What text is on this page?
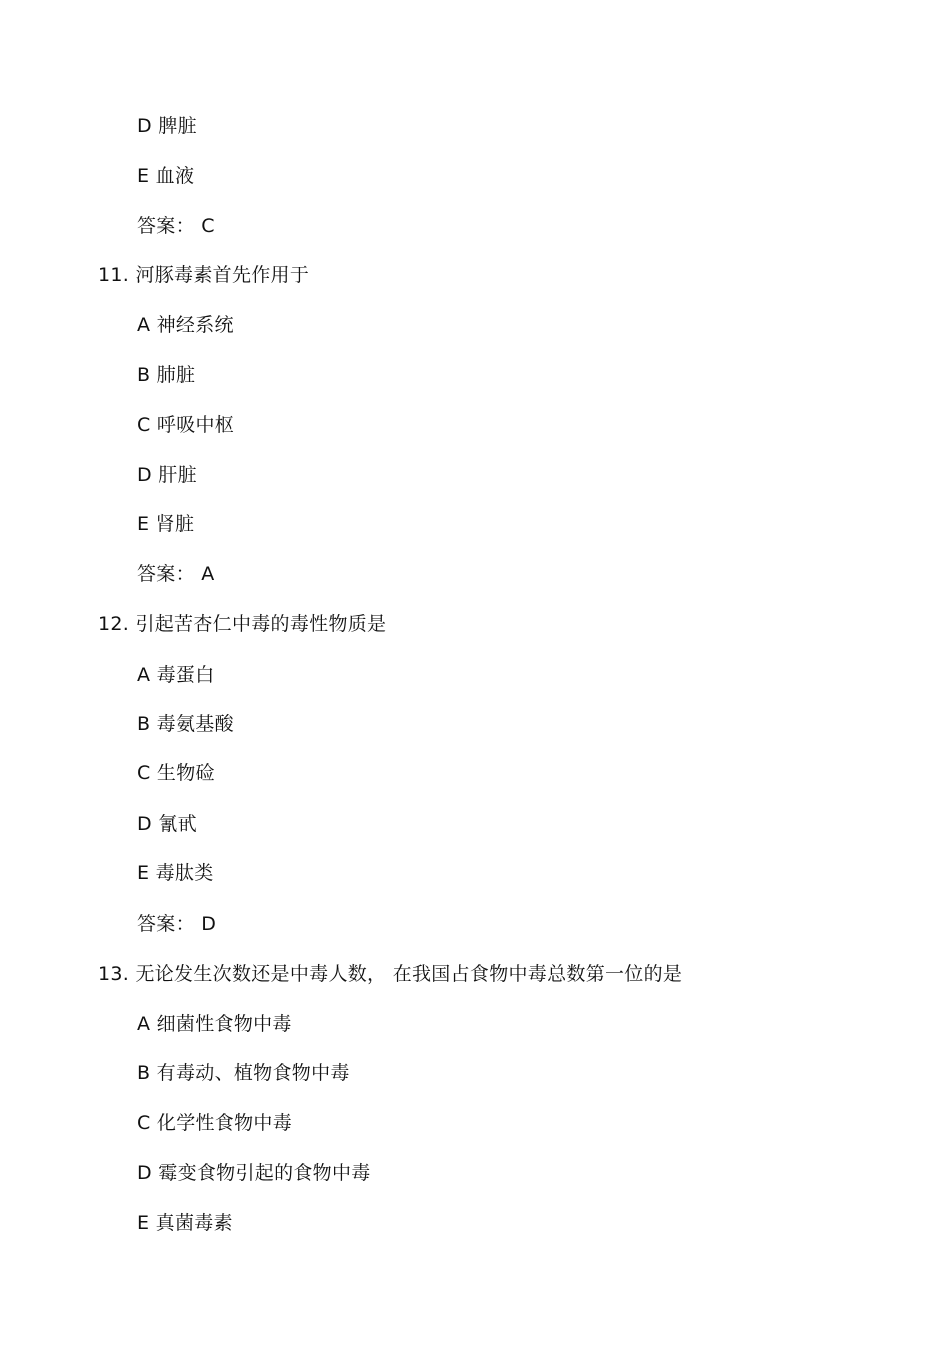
D 脾脏
E 血液
答案： C
11. 河豚毒素首先作用于
A 神经系统
B 肺脏
C 呼吸中枢
D 肝脏
E 肾脏
答案： A
12. 引起苦杏仁中毒的毒性物质是
A 毒蛋白
B 毒氨基酸
C 生物硷
D 氰甙
E 毒肽类
答案： D
13. 无论发生次数还是中毒人数， 在我国占食物中毒总数第一位的是
A 细菌性食物中毒
B 有毒动、植物食物中毒
C 化学性食物中毒
D 霉变食物引起的食物中毒
E 真菌毒素
